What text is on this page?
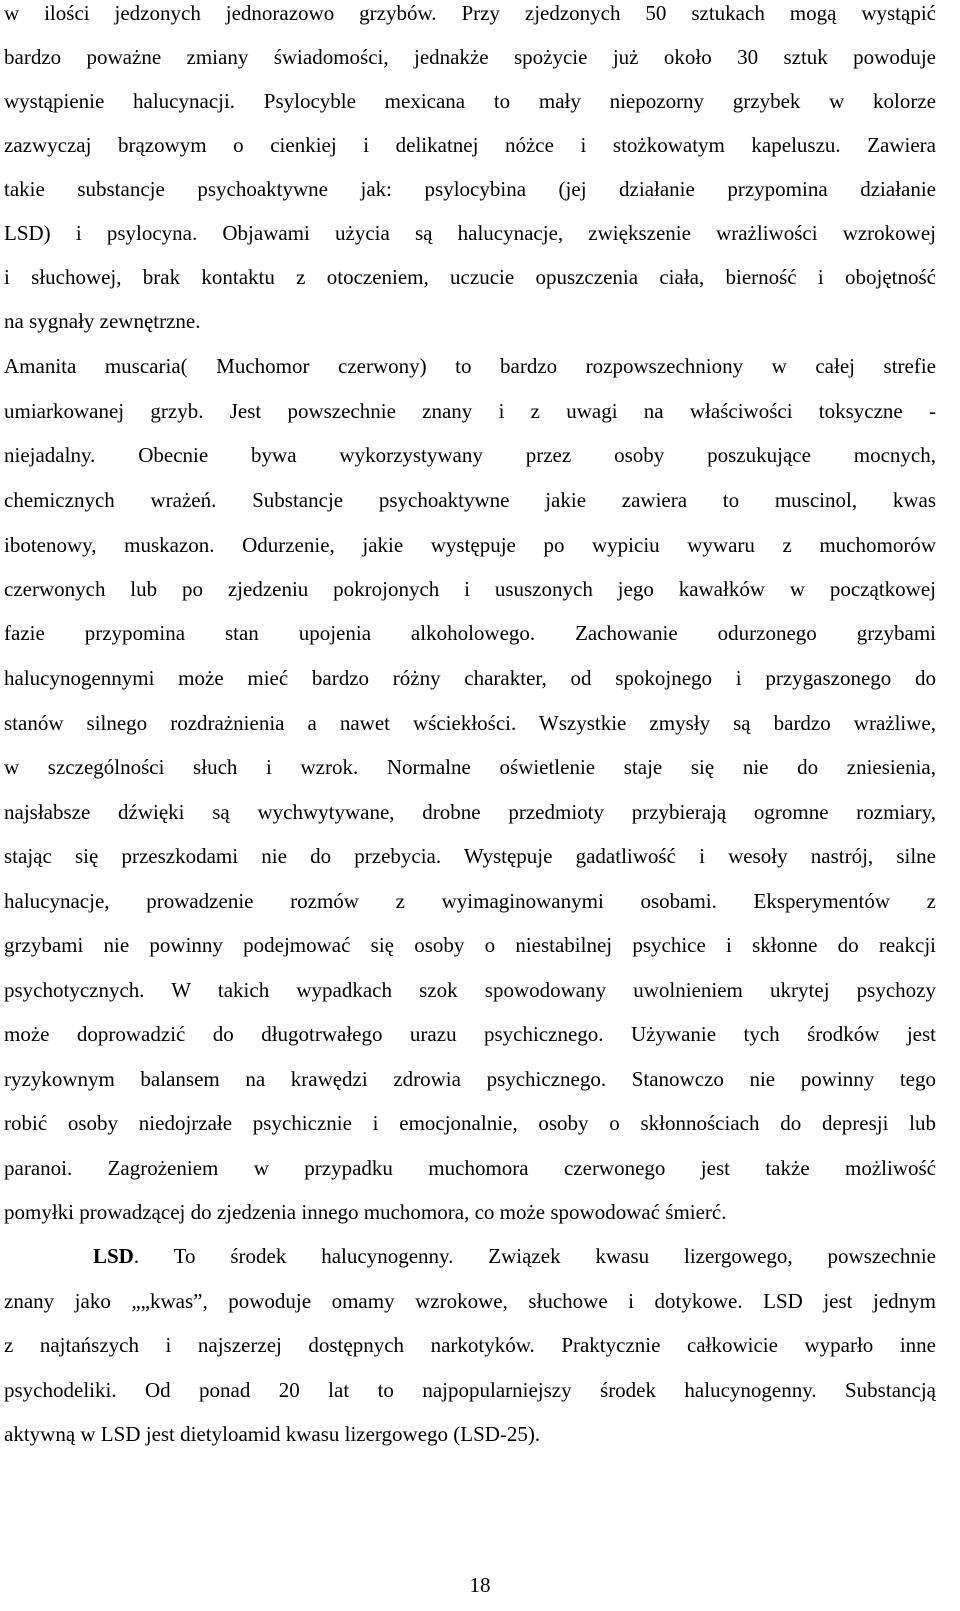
w ilości jedzonych jednorazowo grzybów. Przy zjedzonych 50 sztukach mogą wystąpić
bardzo poważne zmiany świadomości, jednakże spożycie już około 30 sztuk powoduje
wystąpienie halucynacji. Psylocyble mexicana to mały niepozorny grzybek w kolorze
zazwyczaj brązowym o cienkiej i delikatnej nóżce i stożkowatym kapeluszu. Zawiera
takie substancje psychoaktywne jak: psylocybina (jej działanie przypomina działanie
LSD) i psylocyna. Objawami użycia są halucynacje, zwiększenie wrażliwości wzrokowej
i słuchowej, brak kontaktu z otoczeniem, uczucie opuszczenia ciała, bierność i obojętność
na sygnały zewnętrzne.
Amanita muscaria( Muchomor czerwony) to bardzo rozpowszechniony w całej strefie
umiarkowanej grzyb. Jest powszechnie znany i z uwagi na właściwości toksyczne -
niejadalny. Obecnie bywa wykorzystywany przez osoby poszukujące mocnych,
chemicznych wrażeń. Substancje psychoaktywne jakie zawiera to muscinol, kwas
ibotenowy, muskazon. Odurzenie, jakie występuje po wypiciu wywaru z muchomorów
czerwonych lub po zjedzeniu pokrojonych i ususzonych jego kawałków w początkowej
fazie przypomina stan upojenia alkoholowego. Zachowanie odurzonego grzybami
halucynogennymi może mieć bardzo różny charakter, od spokojnego i przygaszonego do
stanów silnego rozdrażnienia a nawet wściekłości. Wszystkie zmysły są bardzo wrażliwe,
w szczególności słuch i wzrok. Normalne oświetlenie staje się nie do zniesienia,
najsłabsze dźwięki są wychwytywane, drobne przedmioty przybierają ogromne rozmiary,
stając się przeszkodami nie do przebycia. Występuje gadatliwość i wesoły nastrój, silne
halucynacje, prowadzenie rozmów z wyimaginowanymi osobami. Eksperymentów z
grzybami nie powinny podejmować się osoby o niestabilnej psychice i skłonne do reakcji
psychotycznych. W takich wypadkach szok spowodowany uwolnieniem ukrytej psychozy
może doprowadzić do długotrwałego urazu psychicznego. Używanie tych środków jest
ryzykownym balansem na krawędzi zdrowia psychicznego. Stanowczo nie powinny tego
robić osoby niedojrzałe psychicznie i emocjonalnie, osoby o skłonnościach do depresji lub
paranoi. Zagrożeniem w przypadku muchomora czerwonego jest także możliwość
pomyłki prowadzącej do zjedzenia innego muchomora, co może spowodować śmierć.
LSD. To środek halucynogenny. Związek kwasu lizergowego, powszechnie
znany jako „„kwas”, powoduje omamy wzrokowe, słuchowe i dotykowe. LSD jest jednym
z najtańszych i najszerzej dostępnych narkotyków. Praktycznie całkowicie wyparło inne
psychodeliki. Od ponad 20 lat to najpopularniejszy środek halucynogenny. Substancją
aktywną w LSD jest dietyloamid kwasu lizergowego (LSD-25).
18
